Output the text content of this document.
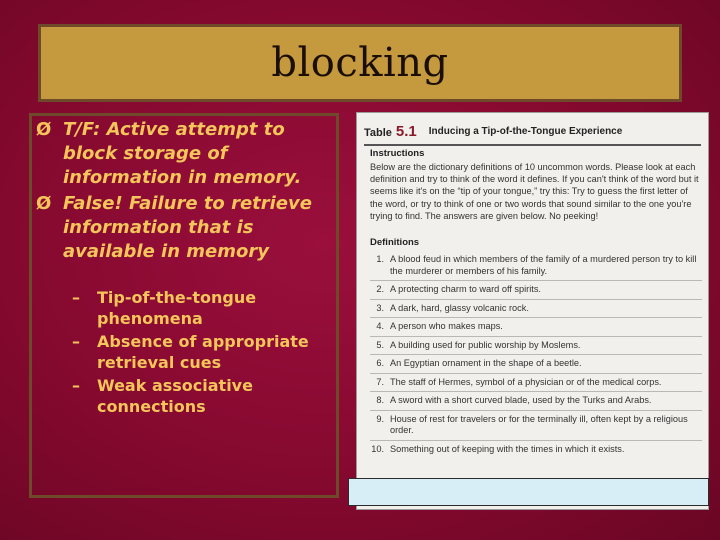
blocking
Ø T/F: Active attempt to block storage of information in memory.
Ø False! Failure to retrieve information that is available in memory
– Tip-of-the-tongue phenomena
– Absence of appropriate retrieval cues
– Weak associative connections
Table 5.1 Inducing a Tip-of-the-Tongue Experience
Instructions
Below are the dictionary definitions of 10 uncommon words. Please look at each definition and try to think of the word it defines. If you can't think of the word but it seems like it's on the “tip of your tongue,” try this: Try to guess the first letter of the word, or try to think of one or two words that sound similar to the one you're trying to find. The answers are given below. No peeking!
Definitions
1. A blood feud in which members of the family of a murdered person try to kill the murderer or members of his family.
2. A protecting charm to ward off spirits.
3. A dark, hard, glassy volcanic rock.
4. A person who makes maps.
5. A building used for public worship by Moslems.
6. An Egyptian ornament in the shape of a beetle.
7. The staff of Hermes, symbol of a physician or of the medical corps.
8. A sword with a short curved blade, used by the Turks and Arabs.
9. House of rest for travelers or for the terminally ill, often kept by a religious order.
10. Something out of keeping with the times in which it exists.
